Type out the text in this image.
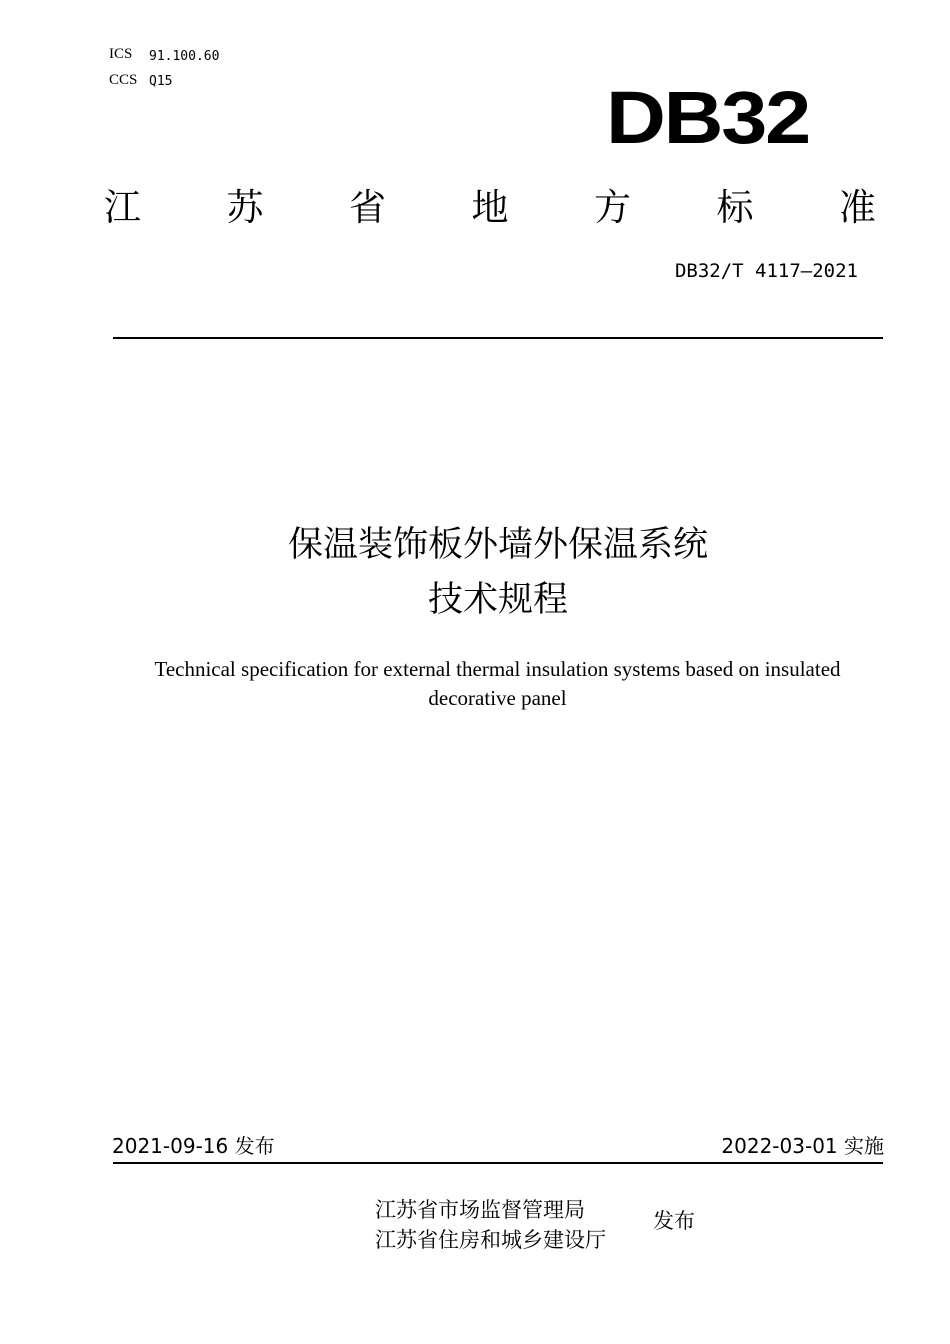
ICS 91.100.60
CCS Q15	DB32
江 苏 省 地 方 标 准
DB32/T 4117—2021
保温装饰板外墙外保温系统
技术规程
Technical specification for external thermal insulation systems based on insulated decorative panel
2021-09-16 发布	2022-03-01 实施
江苏省市场监督管理局
江苏省住房和城乡建设厅
发布
